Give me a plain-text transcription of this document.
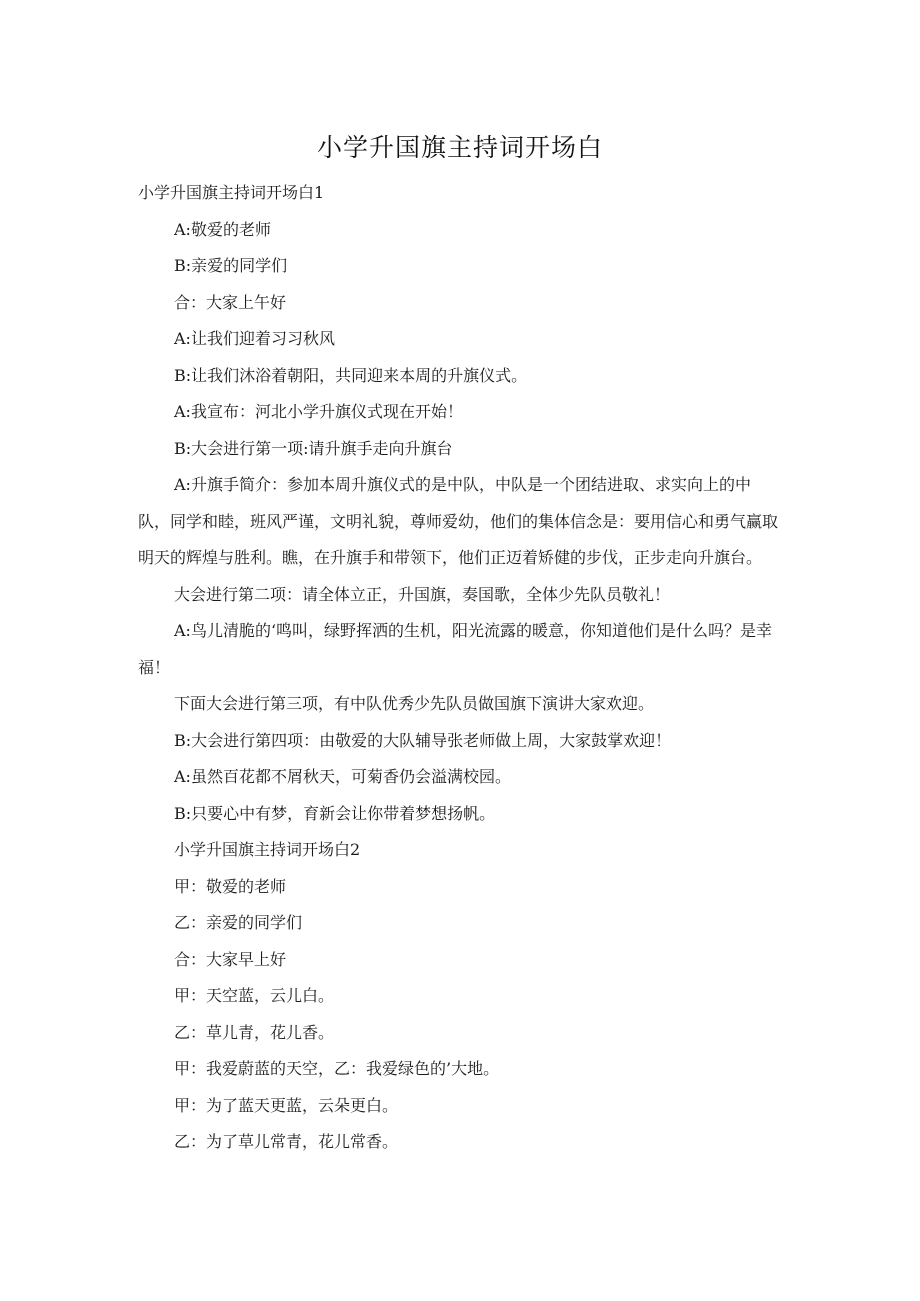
小学升国旗主持词开场白

小学升国旗主持词开场白1

A:敬爱的老师

B:亲爱的同学们

合：大家上午好

A:让我们迎着习习秋风

B:让我们沐浴着朝阳，共同迎来本周的升旗仪式。

A:我宣布：河北小学升旗仪式现在开始！

B:大会进行第一项:请升旗手走向升旗台

A:升旗手简介：参加本周升旗仪式的是中队，中队是一个团结进取、求实向上的中队，同学和睦，班风严谨，文明礼貌，尊师爱幼，他们的集体信念是：要用信心和勇气赢取明天的辉煌与胜利。瞧，在升旗手和带领下，他们正迈着矫健的步伐，正步走向升旗台。

大会进行第二项：请全体立正，升国旗，奏国歌，全体少先队员敬礼！

A:鸟儿清脆的‘鸣叫，绿野挥洒的生机，阳光流露的暖意，你知道他们是什么吗？是幸福！

下面大会进行第三项，有中队优秀少先队员做国旗下演讲大家欢迎。

B:大会进行第四项：由敬爱的大队辅导张老师做上周，大家鼓掌欢迎！

A:虽然百花都不屑秋天，可菊香仍会溢满校园。

B:只要心中有梦，育新会让你带着梦想扬帆。

小学升国旗主持词开场白2

甲：敬爱的老师

乙：亲爱的同学们

合：大家早上好

甲：天空蓝，云儿白。

乙：草儿青，花儿香。

甲：我爱蔚蓝的天空，乙：我爱绿色的’大地。

甲：为了蓝天更蓝，云朵更白。

乙：为了草儿常青，花儿常香。
